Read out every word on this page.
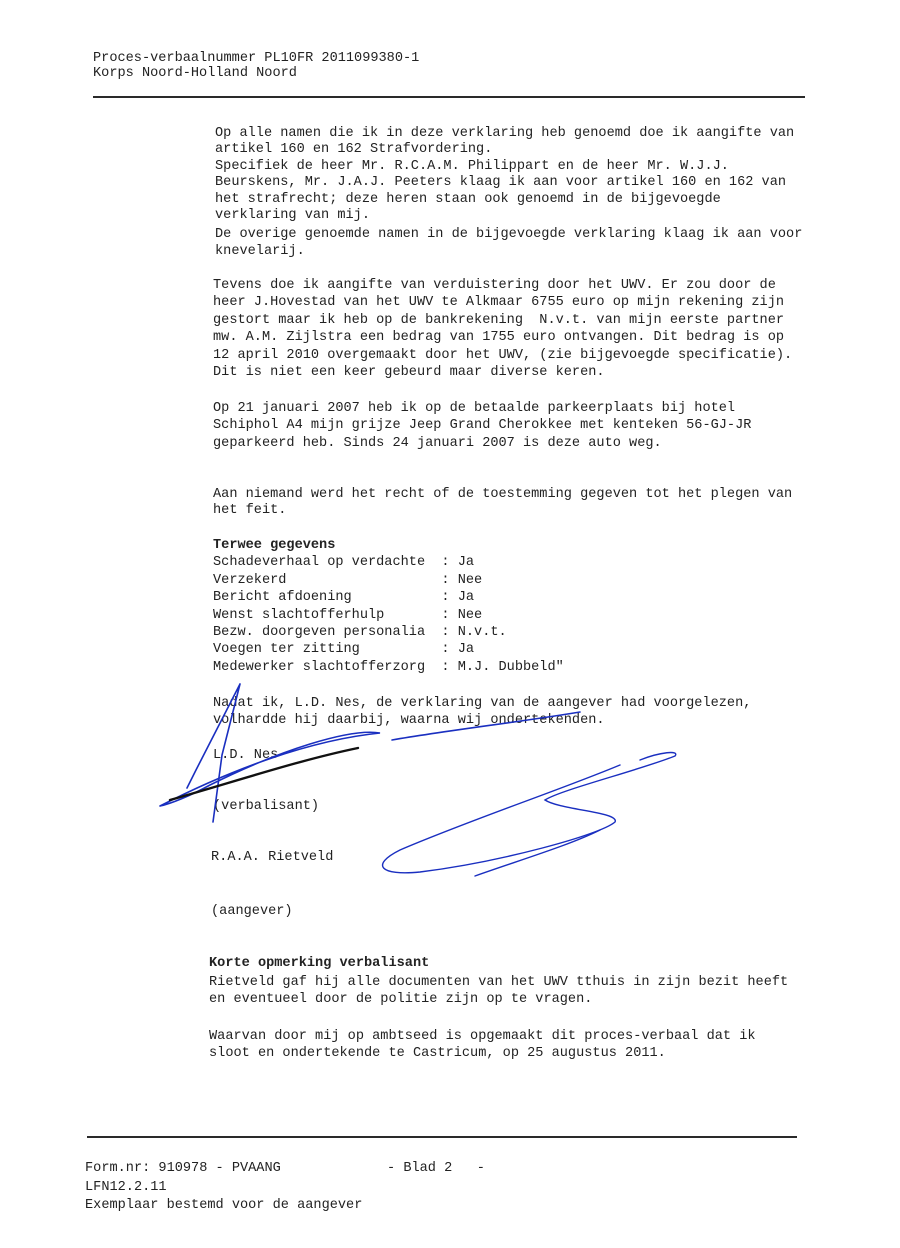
Proces-verbaalnummer PL10FR 2011099380-1
Korps Noord-Holland Noord
Op alle namen die ik in deze verklaring heb genoemd doe ik aangifte van
artikel 160 en 162 Strafvordering.
Specifiek de heer Mr. R.C.A.M. Philippart en de heer Mr. W.J.J.
Beurskens, Mr. J.A.J. Peeters klaag ik aan voor artikel 160 en 162 van
het strafrecht; deze heren staan ook genoemd in de bijgevoegde
verklaring van mij.
De overige genoemde namen in de bijgevoegde verklaring klaag ik aan voor
knevelarij.
Tevens doe ik aangifte van verduistering door het UWV. Er zou door de
heer J.Hovestad van het UWV te Alkmaar 6755 euro op mijn rekening zijn
gestort maar ik heb op de bankrekening  N.v.t. van mijn eerste partner
mw. A.M. Zijlstra een bedrag van 1755 euro ontvangen. Dit bedrag is op
12 april 2010 overgemaakt door het UWV, (zie bijgevoegde specificatie).
Dit is niet een keer gebeurd maar diverse keren.
Op 21 januari 2007 heb ik op de betaalde parkeerplaats bij hotel
Schiphol A4 mijn grijze Jeep Grand Cherokkee met kenteken 56-GJ-JR
geparkeerd heb. Sinds 24 januari 2007 is deze auto weg.
Aan niemand werd het recht of de toestemming gegeven tot het plegen van
het feit.
Terwee gegevens
Schadeverhaal op verdachte : Ja
Verzekerd	: Nee
Bericht afdoening	: Ja
Wenst slachtofferhulp	: Nee
Bezw. doorgeven personalia : N.v.t.
Voegen ter zitting	: Ja
Medewerker slachtofferzorg : M.J. Dubbeld"
Nadat ik, L.D. Nes, de verklaring van de aangever had voorgelezen,
volhardde hij daarbij, waarna wij ondertekenden.
L.D. Nes
(verbalisant)
R.A.A. Rietveld
(aangever)
Korte opmerking verbalisant
Rietveld gaf hij alle documenten van het UWV tthuis in zijn bezit heeft
en eventueel door de politie zijn op te vragen.
Waarvan door mij op ambtseed is opgemaakt dit proces-verbaal dat ik
sloot en ondertekende te Castricum, op 25 augustus 2011.
Form.nr: 910978 - PVAANG
LFN12.2.11
Exemplaar bestemd voor de aangever
- Blad 2   -
